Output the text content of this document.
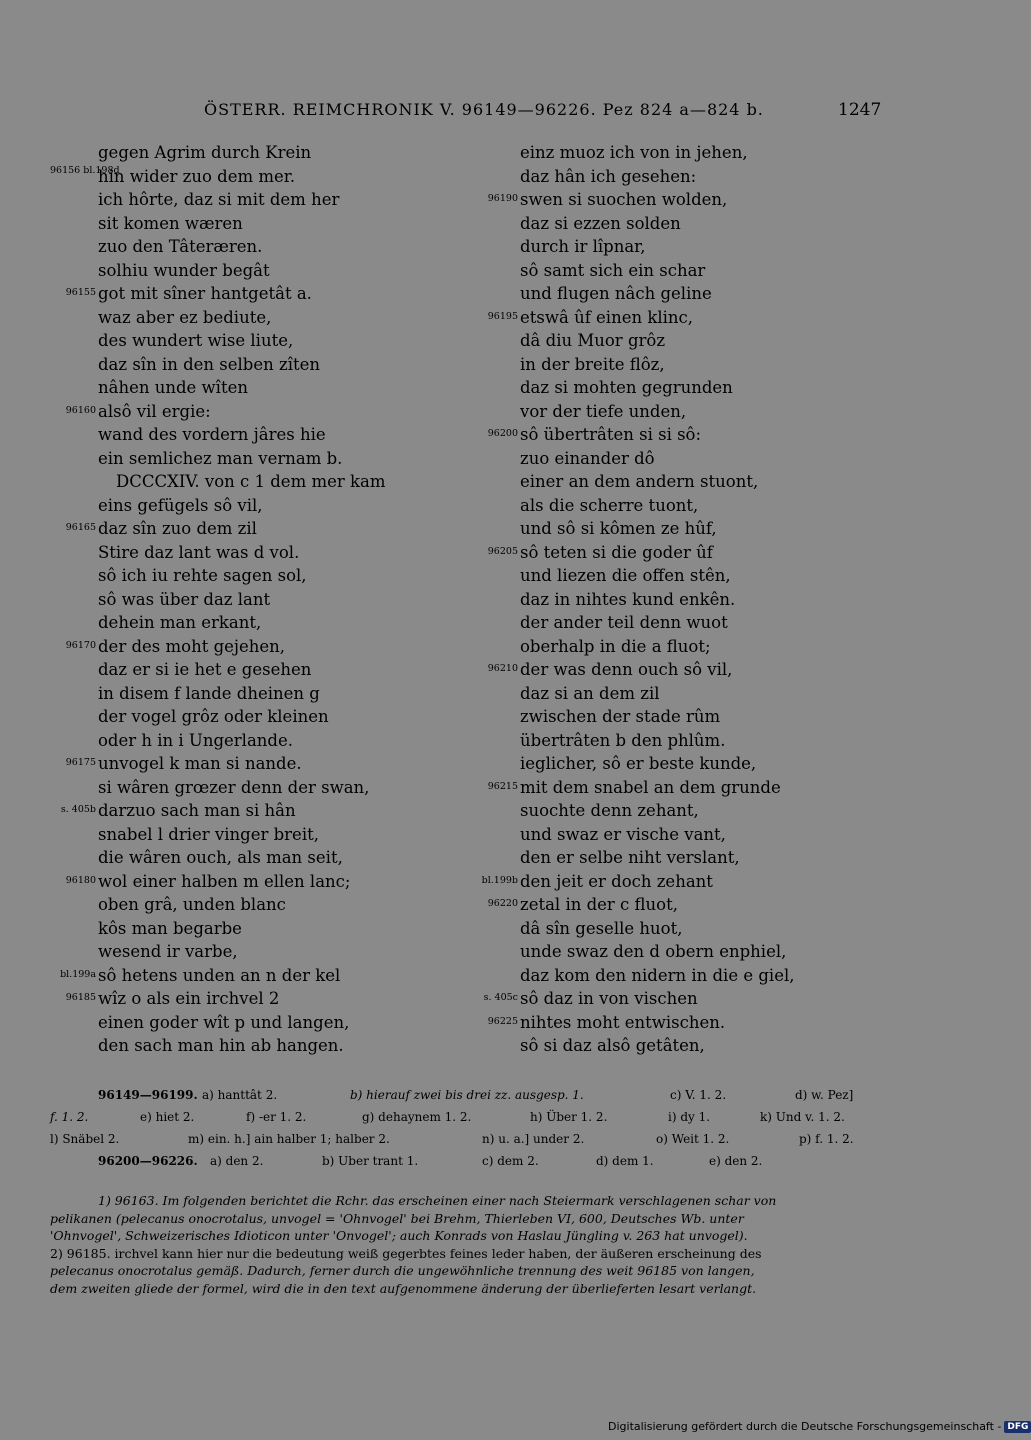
ÖSTERR. REIMCHRONIK V. 96149—96226. Pez 824 a—824 b.	1247
gegen Agrim durch Krein
96156 bl.198d
hin wider zuo dem mer.
ich hôrte, daz si mit dem her
sit komen wæren
zuo den Tâteræren.
solhiu wunder begât
96155 got mit sîner hantgetât a.
waz aber ez bediute,
des wundert wise liute,
daz sîn in den selben zîten
nâhen unde wîten
96160 alsô vil ergie:
wand des vordern jâres hie
ein semlichez man vernam b.
DCCCXIV. von c 1 dem mer kam
eins gefügels sô vil,
96165 daz sîn zuo dem zil
Stire daz lant was d vol.
sô ich iu rehte sagen sol,
sô was über daz lant
dehein man erkant,
96170 der des moht gejehen,
daz er si ie het e gesehen
in disem f lande dheinen g
der vogel grôz oder kleinen
oder h in i Ungerlande.
96175 unvogel k man si nande.
si wâren grœzer denn der swan,
s. 405b darzuo sach man si hân
snabel l drier vinger breit,
die wâren ouch, als man seit,
96180 wol einer halben m ellen lanc;
oben grâ, unden blanc
kôs man begarbe
wesend ir varbe,
bl.199a sô hetens unden an n der kel
96185 wîz o als ein irchvel 2
einen goder wît p und langen,
den sach man hin ab hangen.
einz muoz ich von in jehen,
daz hân ich gesehen:
96190 swen si suochen wolden,
daz si ezzen solden
durch ir lîpnar,
sô samt sich ein schar
und flugen nâch geline
96195 etswâ ûf einen klinc,
dâ diu Muor grôz
in der breite flôz,
daz si mohten gegrunden
vor der tiefe unden,
96200 sô übertrâten si si sô:
zuo einander dô
einer an dem andern stuont,
als die scherre tuont,
und sô si kômen ze hûf,
96205 sô teten si die goder ûf
und liezen die offen stên,
daz in nihtes kund enkên.
der ander teil denn wuot
oberhalp in die a fluot;
96210 der was denn ouch sô vil,
daz si an dem zil
zwischen der stade rûm
übertrâten b den phlûm.
ieglicher, sô er beste kunde,
96215 mit dem snabel an dem grunde
suochte denn zehant,
und swaz er vische vant,
den er selbe niht verslant,
bl.199b den jeit er doch zehant
96220 zetal in der c fluot,
dâ sîn geselle huot,
unde swaz den d obern enphiel,
daz kom den nidern in die e giel,
s. 405c sô daz in von vischen
96225 nihtes moht entwischen.
sô si daz alsô getâten,
96149—96199. a) hanttât 2.	b) hierauf zwei bis drei zz. ausgesp. 1.	c) V. 1. 2.	d) w. Pez]
f. 1. 2.	e) hiet 2.	f) -er 1. 2.	g) dehaynem 1. 2.	h) Über 1. 2.	i) dy 1.	k) Und v. 1. 2.
l) Snäbel 2.	m) ein. h.] ain halber 1; halber 2.	n) u. a.] under 2.	o) Weit 1. 2.	p) f. 1. 2.
96200—96226. a) den 2.	b) Uber trant 1.	c) dem 2.	d) dem 1.	e) den 2.
1) 96163. Im folgenden berichtet die Rchr. das erscheinen einer nach Steiermark verschlagenen schar von
pelikanen (pelecanus onocrotalus, unvogel = 'Ohnvogel' bei Brehm, Thierleben VI, 600, Deutsches Wb. unter
'Ohnvogel', Schweizerisches Idioticon unter 'Onvogel'; auch Konrads von Haslau Jüngling v. 263 hat unvogel).
2) 96185. irchvel kann hier nur die bedeutung weiß gegerbtes feines leder haben, der äußeren erscheinung des
pelecanus onocrotalus gemäß. Dadurch, ferner durch die ungewöhnliche trennung des weit 96185 von langen,
dem zweiten gliede der formel, wird die in den text aufgenommene änderung der überlieferten lesart verlangt.
Digitalisierung gefördert durch die Deutsche Forschungsgemeinschaft - DFG
